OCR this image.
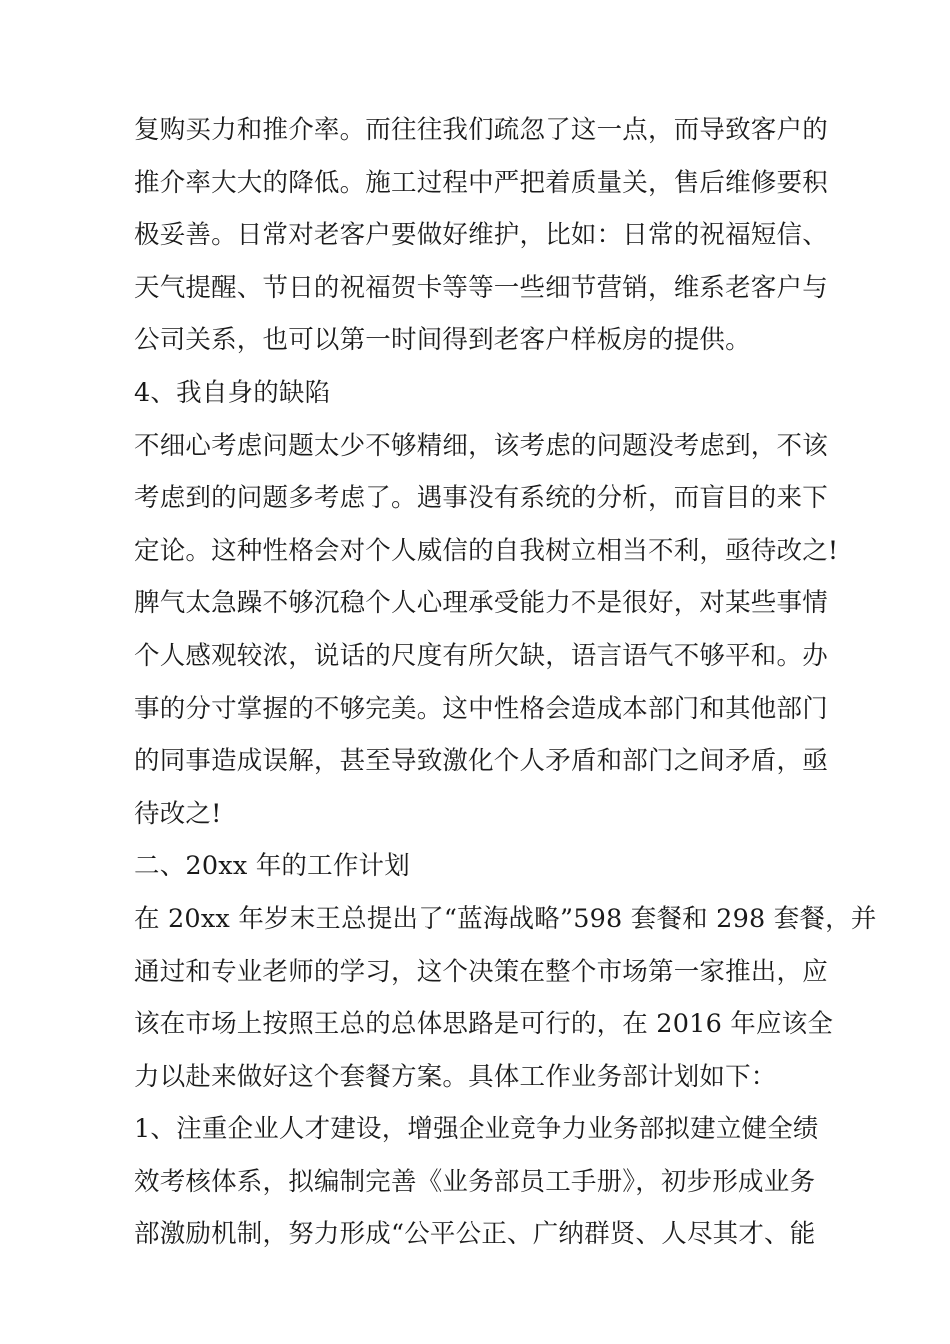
复购买力和推介率。而往往我们疏忽了这一点，而导致客户的
推介率大大的降低。施工过程中严把着质量关，售后维修要积
极妥善。日常对老客户要做好维护，比如：日常的祝福短信、
天气提醒、节日的祝福贺卡等等一些细节营销，维系老客户与
公司关系，也可以第一时间得到老客户样板房的提供。
4、我自身的缺陷
不细心考虑问题太少不够精细，该考虑的问题没考虑到，不该
考虑到的问题多考虑了。遇事没有系统的分析，而盲目的来下
定论。这种性格会对个人威信的自我树立相当不利，亟待改之!
脾气太急躁不够沉稳个人心理承受能力不是很好，对某些事情
个人感观较浓，说话的尺度有所欠缺，语言语气不够平和。办
事的分寸掌握的不够完美。这中性格会造成本部门和其他部门
的同事造成误解，甚至导致激化个人矛盾和部门之间矛盾，亟
待改之!
二、20xx 年的工作计划
在 20xx 年岁末王总提出了“蓝海战略”598 套餐和 298 套餐，并
通过和专业老师的学习，这个决策在整个市场第一家推出，应
该在市场上按照王总的总体思路是可行的，在 2016 年应该全
力以赴来做好这个套餐方案。具体工作业务部计划如下：
1、注重企业人才建设，增强企业竞争力业务部拟建立健全绩
效考核体系，拟编制完善《业务部员工手册》，初步形成业务
部激励机制，努力形成“公平公正、广纳群贤、人尽其才、能
